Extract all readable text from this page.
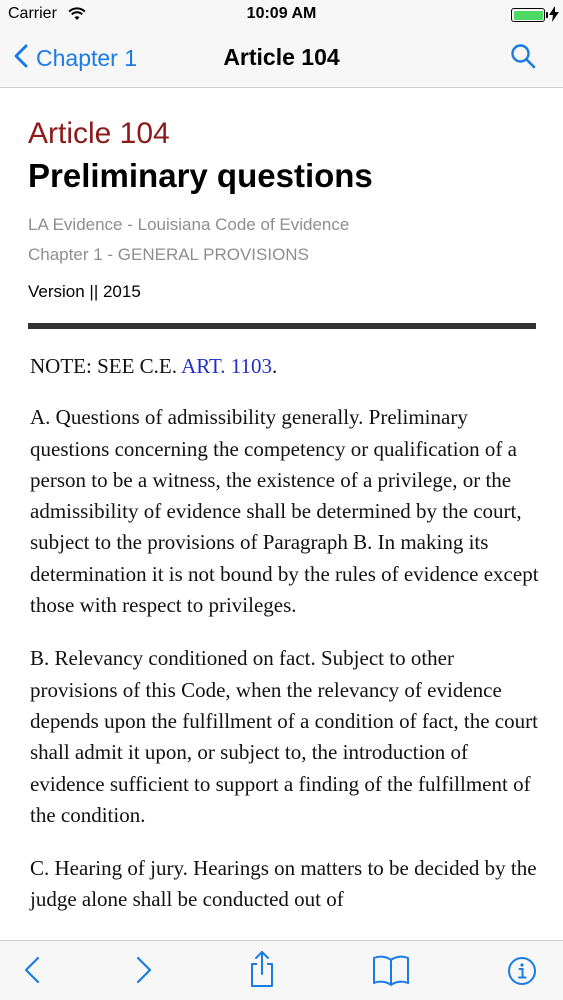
Carrier	10:09 AM
Chapter 1	Article 104
Article 104
Preliminary questions
LA Evidence - Louisiana Code of Evidence
Chapter 1 - GENERAL PROVISIONS
Version || 2015

NOTE: SEE C.E. ART. 1103.

A. Questions of admissibility generally. Preliminary questions concerning the competency or qualification of a person to be a witness, the existence of a privilege, or the admissibility of evidence shall be determined by the court, subject to the provisions of Paragraph B. In making its determination it is not bound by the rules of evidence except those with respect to privileges.

B. Relevancy conditioned on fact. Subject to other provisions of this Code, when the relevancy of evidence depends upon the fulfillment of a condition of fact, the court shall admit it upon, or subject to, the introduction of evidence sufficient to support a finding of the fulfillment of the condition.

C. Hearing of jury. Hearings on matters to be decided by the judge alone shall be conducted out of
